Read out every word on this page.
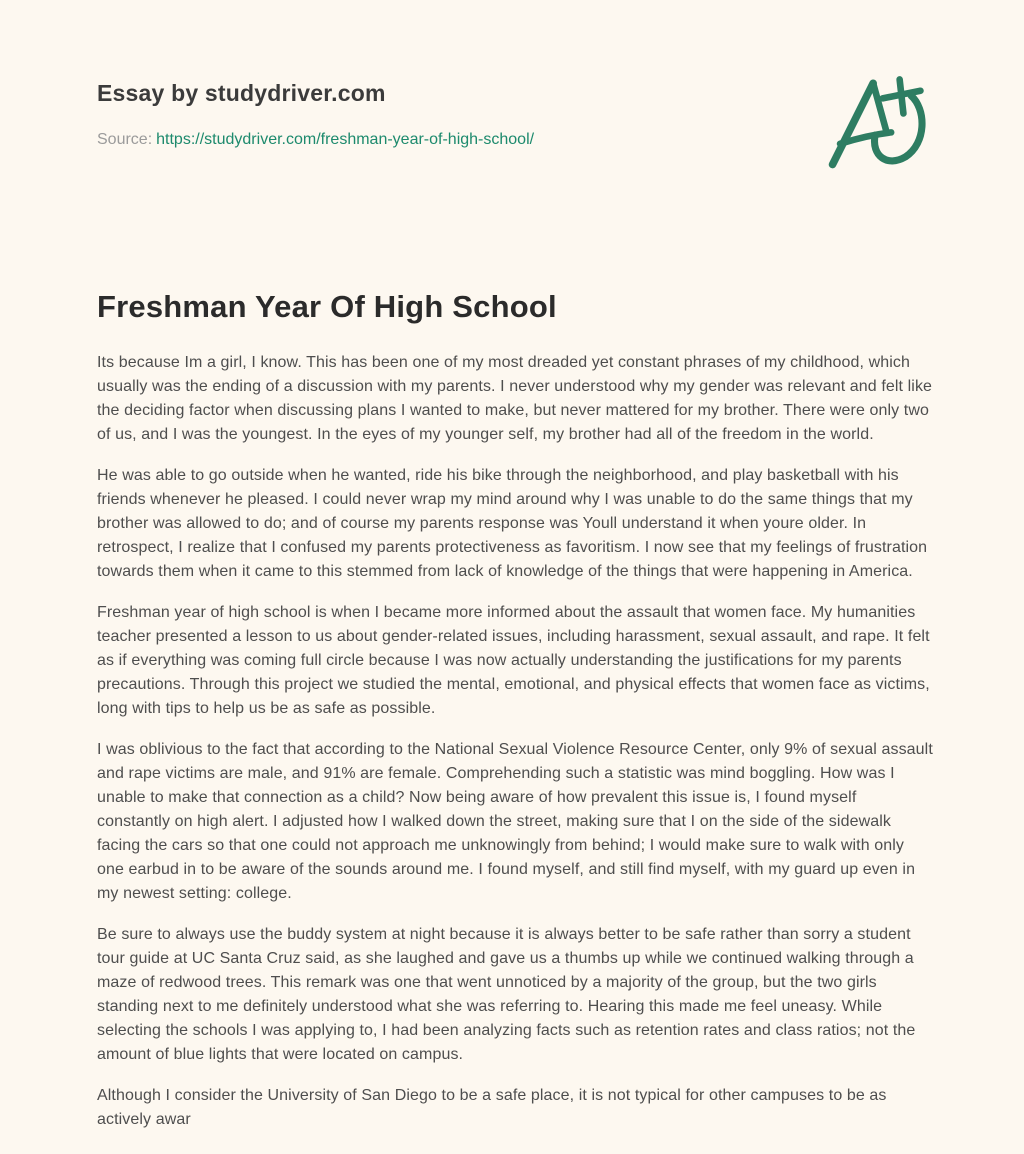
Essay by studydriver.com
Source: https://studydriver.com/freshman-year-of-high-school/
Freshman Year Of High School

Its because Im a girl, I know. This has been one of my most dreaded yet constant phrases of my childhood, which usually was the ending of a discussion with my parents. I never understood why my gender was relevant and felt like the deciding factor when discussing plans I wanted to make, but never mattered for my brother. There were only two of us, and I was the youngest. In the eyes of my younger self, my brother had all of the freedom in the world.

He was able to go outside when he wanted, ride his bike through the neighborhood, and play basketball with his friends whenever he pleased. I could never wrap my mind around why I was unable to do the same things that my brother was allowed to do; and of course my parents response was Youll understand it when youre older. In retrospect, I realize that I confused my parents protectiveness as favoritism. I now see that my feelings of frustration towards them when it came to this stemmed from lack of knowledge of the things that were happening in America.

Freshman year of high school is when I became more informed about the assault that women face. My humanities teacher presented a lesson to us about gender-related issues, including harassment, sexual assault, and rape. It felt as if everything was coming full circle because I was now actually understanding the justifications for my parents precautions. Through this project we studied the mental, emotional, and physical effects that women face as victims, long with tips to help us be as safe as possible.

I was oblivious to the fact that according to the National Sexual Violence Resource Center, only 9% of sexual assault and rape victims are male, and 91% are female. Comprehending such a statistic was mind boggling. How was I unable to make that connection as a child? Now being aware of how prevalent this issue is, I found myself constantly on high alert. I adjusted how I walked down the street, making sure that I on the side of the sidewalk facing the cars so that one could not approach me unknowingly from behind; I would make sure to walk with only one earbud in to be aware of the sounds around me. I found myself, and still find myself, with my guard up even in my newest setting: college.

Be sure to always use the buddy system at night because it is always better to be safe rather than sorry a student tour guide at UC Santa Cruz said, as she laughed and gave us a thumbs up while we continued walking through a maze of redwood trees. This remark was one that went unnoticed by a majority of the group, but the two girls standing next to me definitely understood what she was referring to. Hearing this made me feel uneasy. While selecting the schools I was applying to, I had been analyzing facts such as retention rates and class ratios; not the amount of blue lights that were located on campus.

Although I consider the University of San Diego to be a safe place, it is not typical for other campuses to be as actively awar
